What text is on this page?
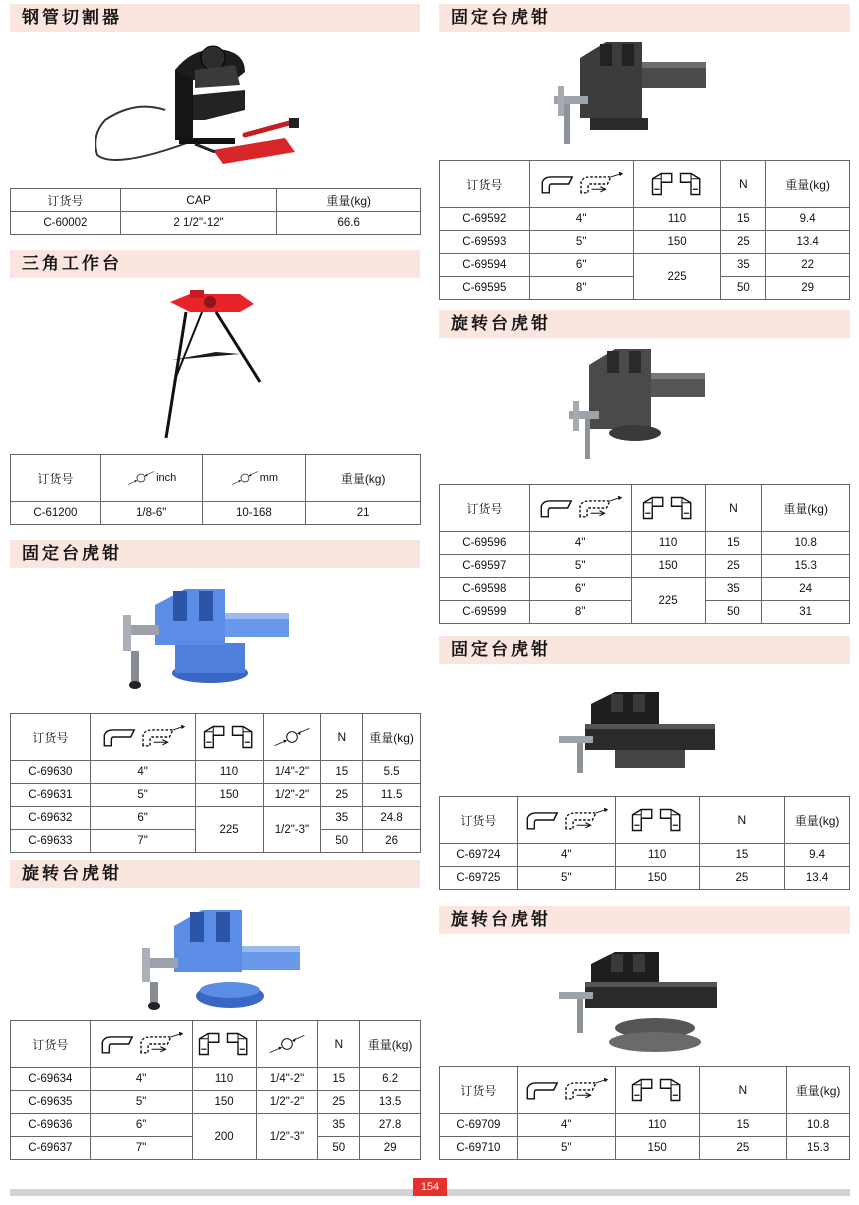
钢管切割器
订货号	CAP	重量(kg)
C-60002	2 1/2"-12"	66.6
三角工作台
订货号	inch	mm	重量(kg)
C-61200	1/8-6"	10-168	21
固定台虎钳
订货号				N	重量(kg)
C-69630	4"	110	1/4"-2"	15	5.5
C-69631	5"	150	1/2"-2"	25	11.5
C-69632	6"	225	1/2"-3"	35	24.8
C-69633	7"			50	26
旋转台虎钳
订货号				N	重量(kg)
C-69634	4"	110	1/4"-2"	15	6.2
C-69635	5"	150	1/2"-2"	25	13.5
C-69636	6"	200	1/2"-3"	35	27.8
C-69637	7"			50	29
固定台虎钳
订货号			N	重量(kg)
C-69592	4"	110	15	9.4
C-69593	5"	150	25	13.4
C-69594	6"	225	35	22
C-69595	8"		50	29
旋转台虎钳
订货号			N	重量(kg)
C-69596	4"	110	15	10.8
C-69597	5"	150	25	15.3
C-69598	6"	225	35	24
C-69599	8"		50	31
固定台虎钳
订货号			N	重量(kg)
C-69724	4"	110	15	9.4
C-69725	5"	150	25	13.4
旋转台虎钳
订货号			N	重量(kg)
C-69709	4"	110	15	10.8
C-69710	5"	150	25	15.3
154
